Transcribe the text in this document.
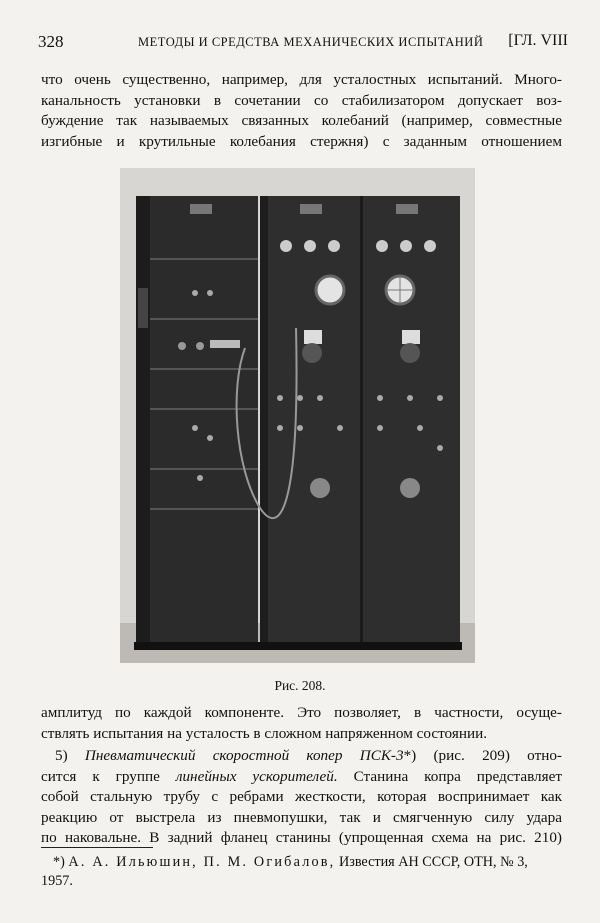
328	МЕТОДЫ И СРЕДСТВА МЕХАНИЧЕСКИХ ИСПЫТАНИЙ [ГЛ. VIII
что очень существенно, например, для усталостных испытаний. Много-
канальность установки в сочетании со стабилизатором допускает воз-
буждение так называемых связанных колебаний (например, совместные
изгибные и крутильные колебания стержня) с заданным отношением
Рис. 208.
амплитуд по каждой компоненте. Это позволяет, в частности, осуще-
ствлять испытания на усталость в сложном напряженном состоянии.
5) Пневматический скоростной копер ПСК-3*) (рис. 209) отно-
сится к группе линейных ускорителей. Станина копра представляет
собой стальную трубу с ребрами жесткости, которая воспринимает как
реакцию от выстрела из пневмопушки, так и смягченную силу удара
по наковальне. В задний фланец станины (упрощенная схема на рис. 210)
*) А. А. Ильюшин, П. М. Огибалов, Известия АН СССР, ОТН, № 3,
1957.
